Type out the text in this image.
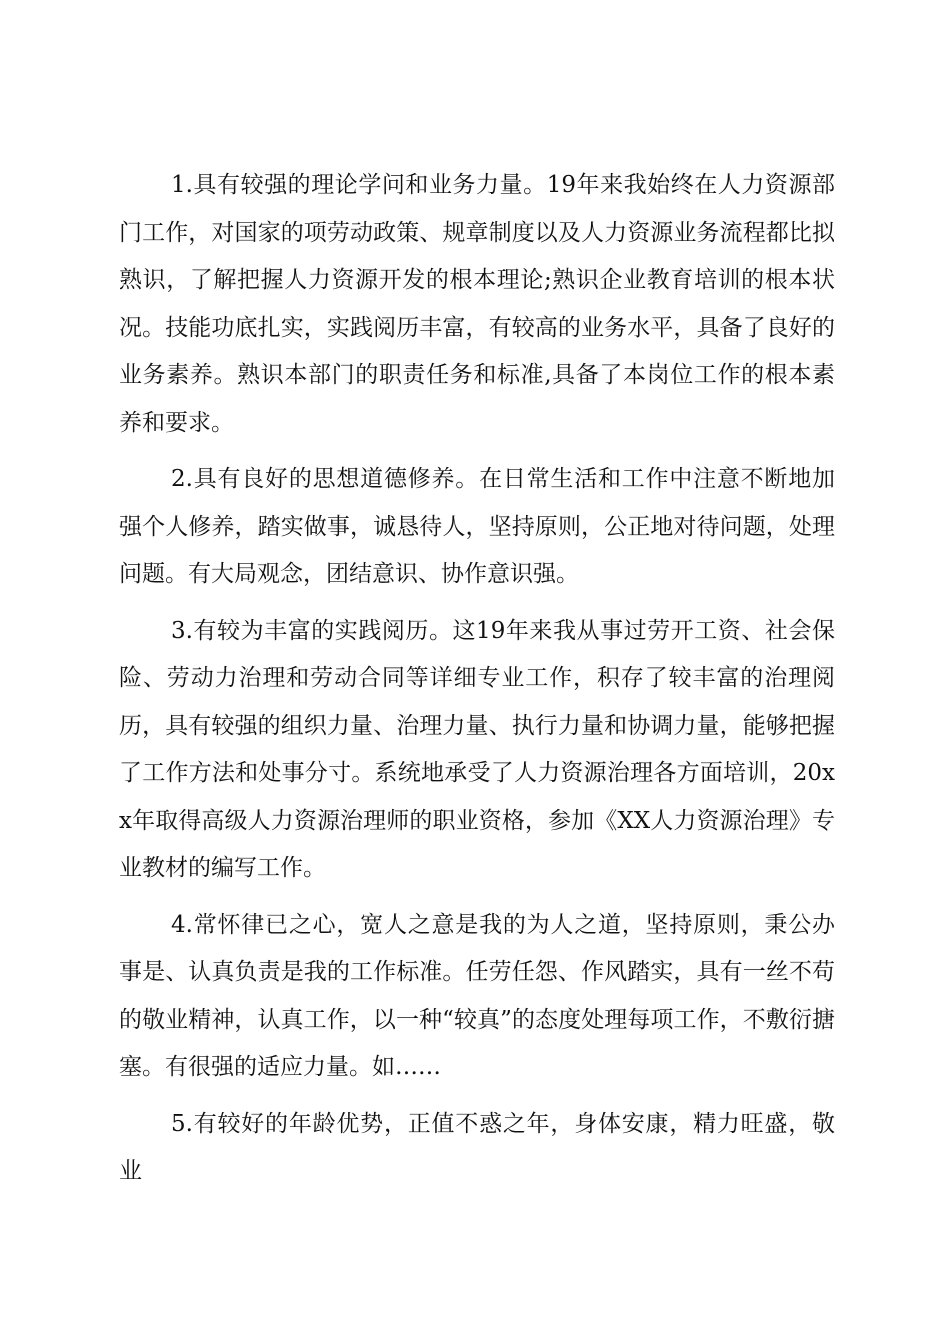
1.具有较强的理论学问和业务力量。19年来我始终在人力资源部门工作，对国家的项劳动政策、规章制度以及人力资源业务流程都比拟熟识，了解把握人力资源开发的根本理论;熟识企业教育培训的根本状况。技能功底扎实，实践阅历丰富，有较高的业务水平，具备了良好的业务素养。熟识本部门的职责任务和标准,具备了本岗位工作的根本素养和要求。

2.具有良好的思想道德修养。在日常生活和工作中注意不断地加强个人修养，踏实做事，诚恳待人，坚持原则，公正地对待问题，处理问题。有大局观念，团结意识、协作意识强。

3.有较为丰富的实践阅历。这19年来我从事过劳开工资、社会保险、劳动力治理和劳动合同等详细专业工作，积存了较丰富的治理阅历，具有较强的组织力量、治理力量、执行力量和协调力量，能够把握了工作方法和处事分寸。系统地承受了人力资源治理各方面培训，20xx年取得高级人力资源治理师的职业资格，参加《XX人力资源治理》专业教材的编写工作。

4.常怀律已之心，宽人之意是我的为人之道，坚持原则，秉公办事是、认真负责是我的工作标准。任劳任怨、作风踏实，具有一丝不苟的敬业精神，认真工作，以一种“较真”的态度处理每项工作，不敷衍搪塞。有很强的适应力量。如……

5.有较好的年龄优势，正值不惑之年，身体安康，精力旺盛，敬业
